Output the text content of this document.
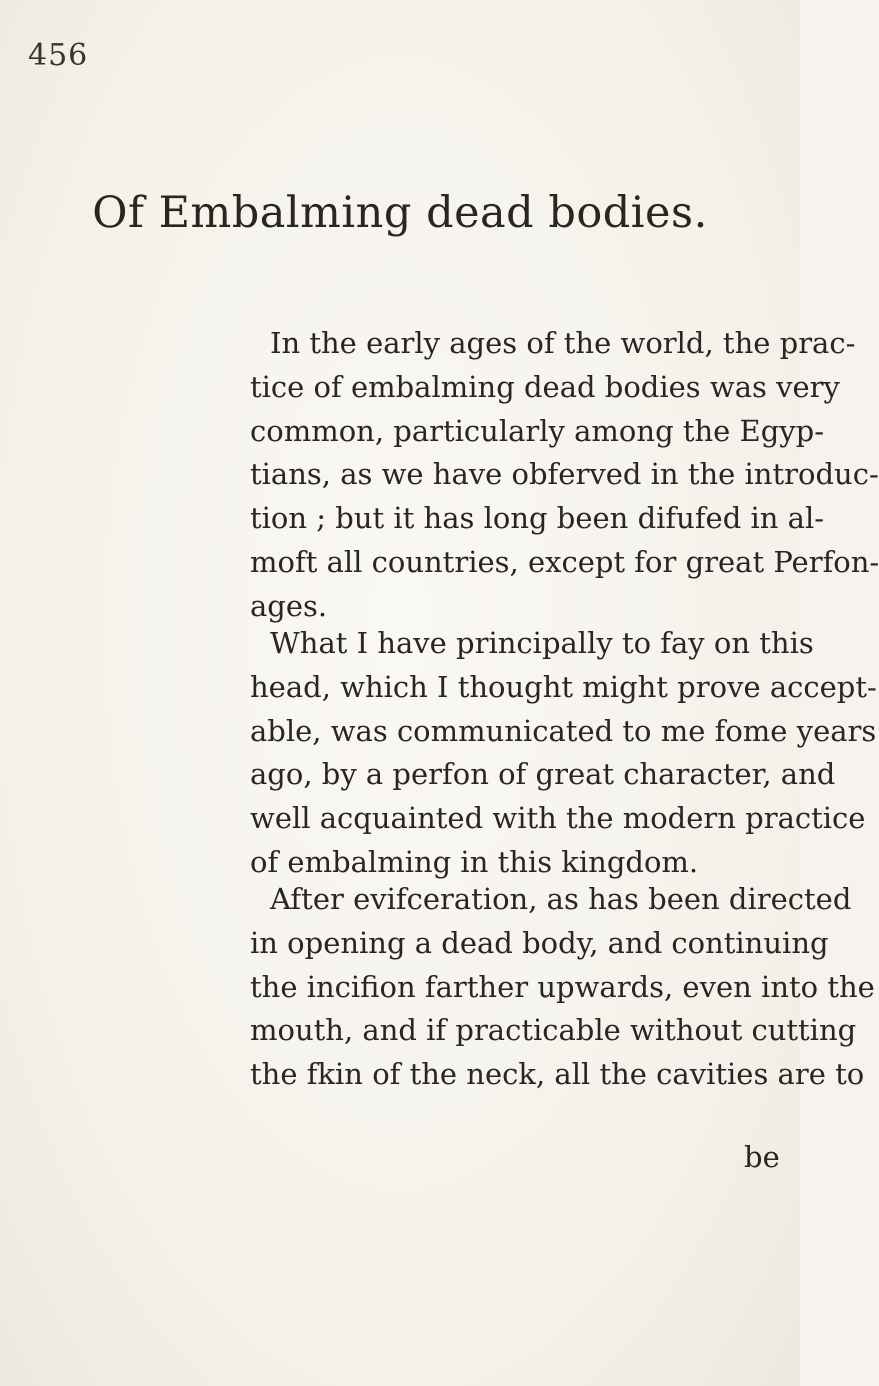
456
Of Embalming dead bodies.

In the early ages of the world, the prac-
tice of embalming dead bodies was very
common, particularly among the Egyp-
tians, as we have obferved in the introduc-
tion ; but it has long been difufed in al-
moft all countries, except for great Perfon-
ages.

What I have principally to fay on this
head, which I thought might prove accept-
able, was communicated to me fome years
ago, by a perfon of great character, and
well acquainted with the modern practice
of embalming in this kingdom.

After evifceration, as has been directed
in opening a dead body, and continuing
the incifion farther upwards, even into the
mouth, and if practicable without cutting
the fkin of the neck, all the cavities are to

be
